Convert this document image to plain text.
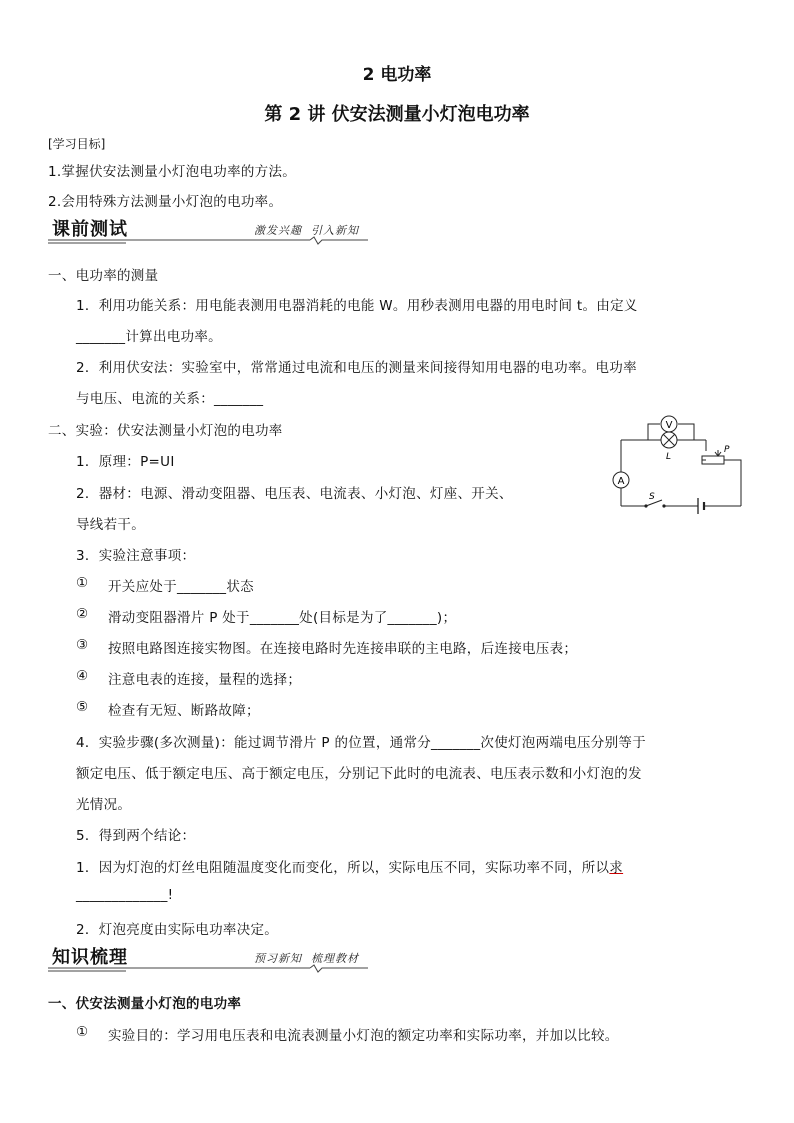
2 电功率
第 2 讲 伏安法测量小灯泡电功率
[学习目标]
1.掌握伏安法测量小灯泡电功率的方法。
2.会用特殊方法测量小灯泡的电功率。
课前测试	激发兴趣 引入新知
一、电功率的测量
1．利用功能关系：用电能表测用电器消耗的电能 W。用秒表测用电器的用电时间 t。由定义
_______计算出电功率。
2．利用伏安法：实验室中，常常通过电流和电压的测量来间接得知用电器的电功率。电功率
与电压、电流的关系：_______
二、实验：伏安法测量小灯泡的电功率
1．原理：P=UI
2．器材：电源、滑动变阻器、电压表、电流表、小灯泡、灯座、开关、
导线若干。
3．实验注意事项：
① 开关应处于_______状态
② 滑动变阻器滑片 P 处于_______处(目标是为了_______)；
③ 按照电路图连接实物图。在连接电路时先连接串联的主电路，后连接电压表；
④ 注意电表的连接，量程的选择；
⑤ 检查有无短、断路故障；
4．实验步骤(多次测量)：能过调节滑片 P 的位置，通常分_______次使灯泡两端电压分别等于
额定电压、低于额定电压、高于额定电压，分别记下此时的电流表、电压表示数和小灯泡的发
光情况。
5．得到两个结论：
1．因为灯泡的灯丝电阻随温度变化而变化，所以，实际电压不同，实际功率不同，所以求
_____________!
2．灯泡亮度由实际电功率决定。
V
A
L
P
S
知识梳理	预习新知 梳理教材
一、伏安法测量小灯泡的电功率
① 实验目的：学习用电压表和电流表测量小灯泡的额定功率和实际功率，并加以比较。
